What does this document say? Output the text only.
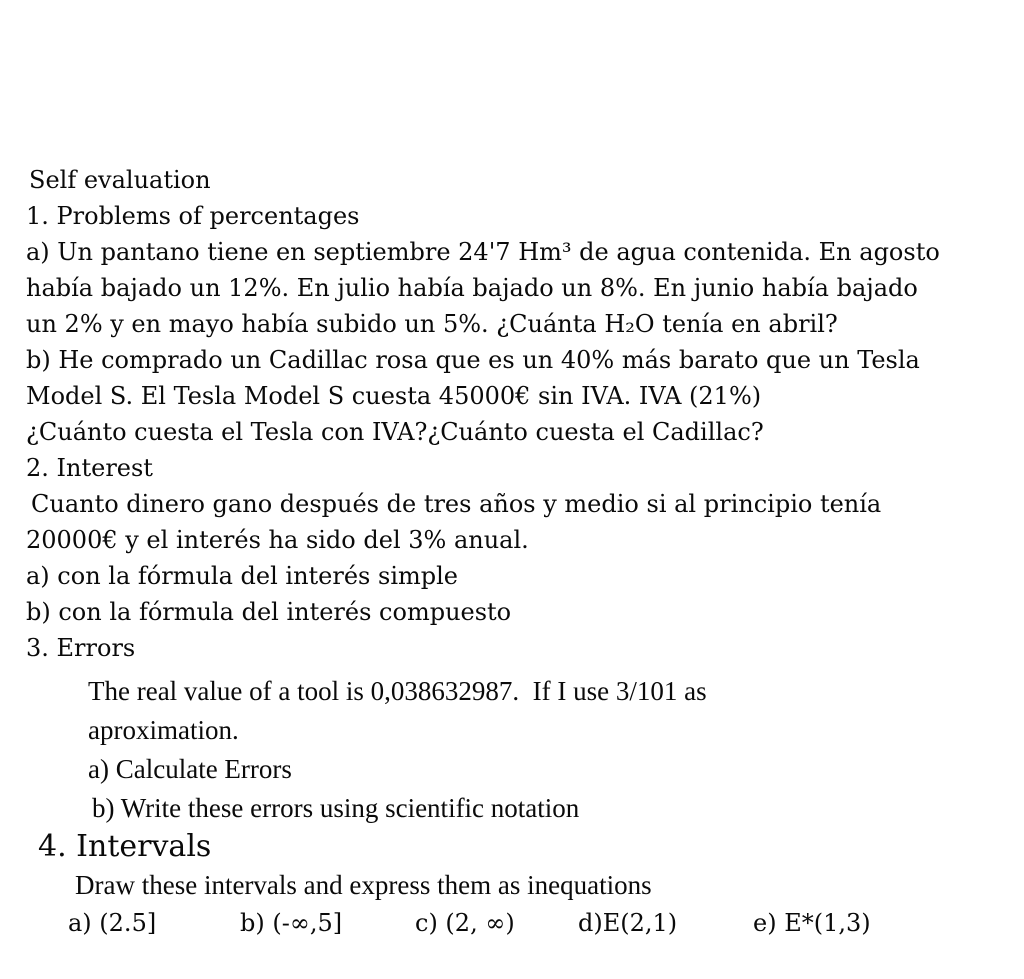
Self evaluation
1. Problems of percentages
a) Un pantano tiene en septiembre 24'7 Hm³ de agua contenida. En agosto
había bajado un 12%. En julio había bajado un 8%. En junio había bajado
un 2% y en mayo había subido un 5%. ¿Cuánta H₂O tenía en abril?
b) He comprado un Cadillac rosa que es un 40% más barato que un Tesla
Model S. El Tesla Model S cuesta 45000€ sin IVA. IVA (21%)
¿Cuánto cuesta el Tesla con IVA?¿Cuánto cuesta el Cadillac?
2. Interest
Cuanto dinero gano después de tres años y medio si al principio tenía
20000€ y el interés ha sido del 3% anual.
a) con la fórmula del interés simple
b) con la fórmula del interés compuesto
3. Errors
The real value of a tool is 0,038632987.  If I use 3/101 as
aproximation.
a) Calculate Errors
b) Write these errors using scientific notation
4. Intervals
Draw these intervals and express them as inequations
a) (2.5]	b) (-∞,5]	c) (2, ∞)	d)E(2,1)	e) E*(1,3)
